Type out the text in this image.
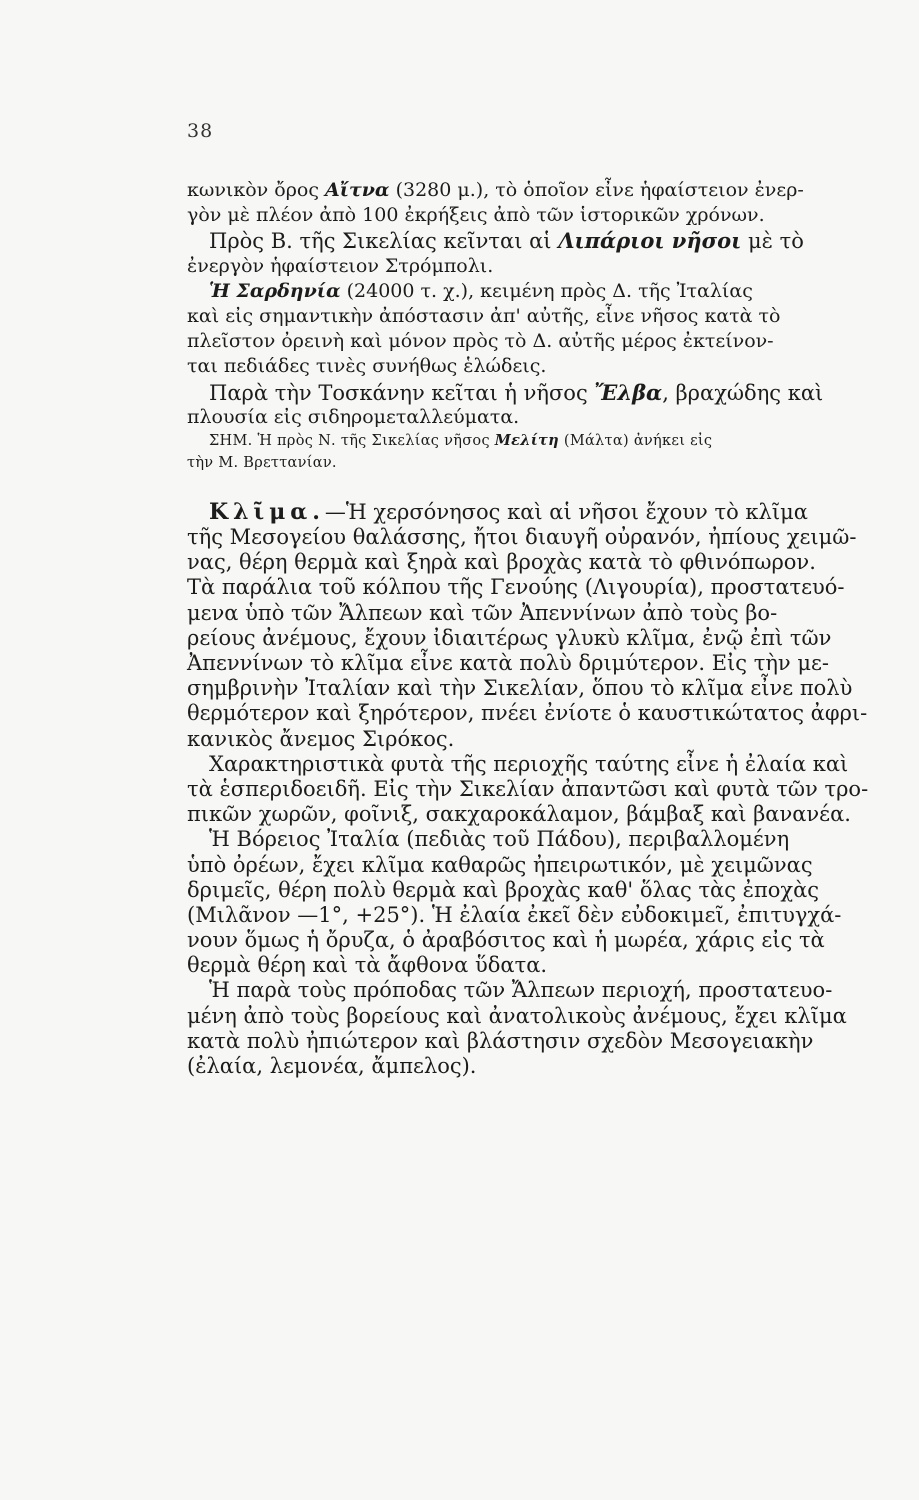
38
κωνικὸν ὄρος Αἴτνα (3280 μ.), τὸ ὁποῖον εἶνε ἡφαίστειον ἐνερ-
γὸν μὲ πλέον ἀπὸ 100 ἐκρήξεις ἀπὸ τῶν ἱστορικῶν χρόνων.
Πρὸς Β. τῆς Σικελίας κεῖνται αἱ Λιπάριοι νῆσοι μὲ τὸ
ἐνεργὸν ἡφαίστειον Στρόμπολι.
Ἡ Σαρδηνία (24000 τ. χ.), κειμένη πρὸς Δ. τῆς Ἰταλίας
καὶ εἰς σημαντικὴν ἀπόστασιν ἀπ' αὐτῆς, εἶνε νῆσος κατὰ τὸ
πλεῖστον ὀρεινὴ καὶ μόνον πρὸς τὸ Δ. αὐτῆς μέρος ἐκτείνον-
ται πεδιάδες τινὲς συνήθως ἑλώδεις.
Παρὰ τὴν Τοσκάνην κεῖται ἡ νῆσος Ἔλβα, βραχώδης καὶ
πλουσία εἰς σιδηρομεταλλεύματα.
ΣΗΜ. Ἡ πρὸς Ν. τῆς Σικελίας νῆσος Μελίτη (Μάλτα) ἀνήκει εἰς
τὴν Μ. Βρεττανίαν.
Κλῖμα.—Ἡ χερσόνησος καὶ αἱ νῆσοι ἔχουν τὸ κλῖμα
τῆς Μεσογείου θαλάσσης, ἤτοι διαυγῆ οὐρανόν, ἠπίους χειμῶ-
νας, θέρη θερμὰ καὶ ξηρὰ καὶ βροχὰς κατὰ τὸ φθινόπωρον.
Τὰ παράλια τοῦ κόλπου τῆς Γενούης (Λιγουρία), προστατευό-
μενα ὑπὸ τῶν Ἄλπεων καὶ τῶν Ἀπεννίνων ἀπὸ τοὺς βο-
ρείους ἀνέμους, ἔχουν ἰδιαιτέρως γλυκὺ κλῖμα, ἐνῷ ἐπὶ τῶν
Ἀπεννίνων τὸ κλῖμα εἶνε κατὰ πολὺ δριμύτερον. Εἰς τὴν με-
σημβρινὴν Ἰταλίαν καὶ τὴν Σικελίαν, ὅπου τὸ κλῖμα εἶνε πολὺ
θερμότερον καὶ ξηρότερον, πνέει ἐνίοτε ὁ καυστικώτατος ἀφρι-
κανικὸς ἄνεμος Σιρόκος.
Χαρακτηριστικὰ φυτὰ τῆς περιοχῆς ταύτης εἶνε ἡ ἐλαία καὶ
τὰ ἑσπεριδοειδῆ. Εἰς τὴν Σικελίαν ἀπαντῶσι καὶ φυτὰ τῶν τρο-
πικῶν χωρῶν, φοῖνιξ, σακχαροκάλαμον, βάμβαξ καὶ βανανέα.
Ἡ Βόρειος Ἰταλία (πεδιὰς τοῦ Πάδου), περιβαλλομένη
ὑπὸ ὀρέων, ἔχει κλῖμα καθαρῶς ἠπειρωτικόν, μὲ χειμῶνας
δριμεῖς, θέρη πολὺ θερμὰ καὶ βροχὰς καθ' ὅλας τὰς ἐποχὰς
(Μιλᾶνον —1°, +25°). Ἡ ἐλαία ἐκεῖ δὲν εὐδοκιμεῖ, ἐπιτυγχά-
νουν ὅμως ἡ ὄρυζα, ὁ ἀραβόσιτος καὶ ἡ μωρέα, χάρις εἰς τὰ
θερμὰ θέρη καὶ τὰ ἄφθονα ὕδατα.
Ἡ παρὰ τοὺς πρόποδας τῶν Ἄλπεων περιοχή, προστατευο-
μένη ἀπὸ τοὺς βορείους καὶ ἀνατολικοὺς ἀνέμους, ἔχει κλῖμα
κατὰ πολὺ ἠπιώτερον καὶ βλάστησιν σχεδὸν Μεσογειακὴν
(ἐλαία, λεμονέα, ἄμπελος).
